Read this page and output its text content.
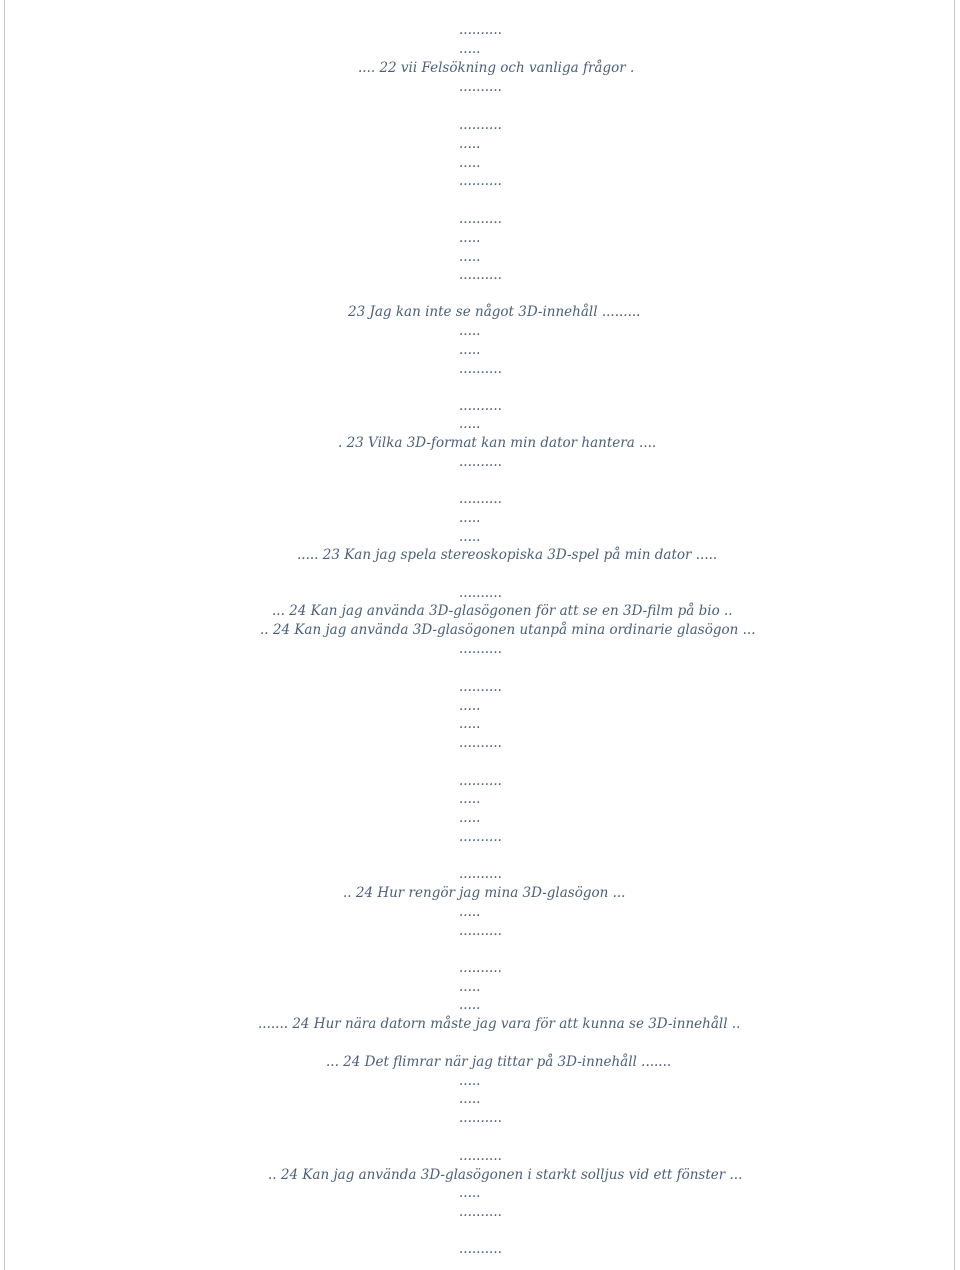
..........
.....
.... 22 vii Felsökning och vanliga frågor .
..........
..........
.....
.....
..........
..........
.....
.....
..........
23 Jag kan inte se något 3D-innehåll .........
.....
.....
..........
..........
.....
. 23 Vilka 3D-format kan min dator hantera ....
..........
..........
.....
.....
..... 23 Kan jag spela stereoskopiska 3D-spel på min dator .....
..........
... 24 Kan jag använda 3D-glasögonen för att se en 3D-film på bio ..
.. 24 Kan jag använda 3D-glasögonen utanpå mina ordinarie glasögon ...
..........
..........
.....
.....
..........
..........
.....
.....
..........
..........
.. 24 Hur rengör jag mina 3D-glasögon ...
.....
..........
..........
.....
.....
....... 24 Hur nära datorn måste jag vara för att kunna se 3D-innehåll ..
... 24 Det flimrar när jag tittar på 3D-innehåll .......
.....
.....
..........
..........
.. 24 Kan jag använda 3D-glasögonen i starkt solljus vid ett fönster ...
.....
..........
..........
